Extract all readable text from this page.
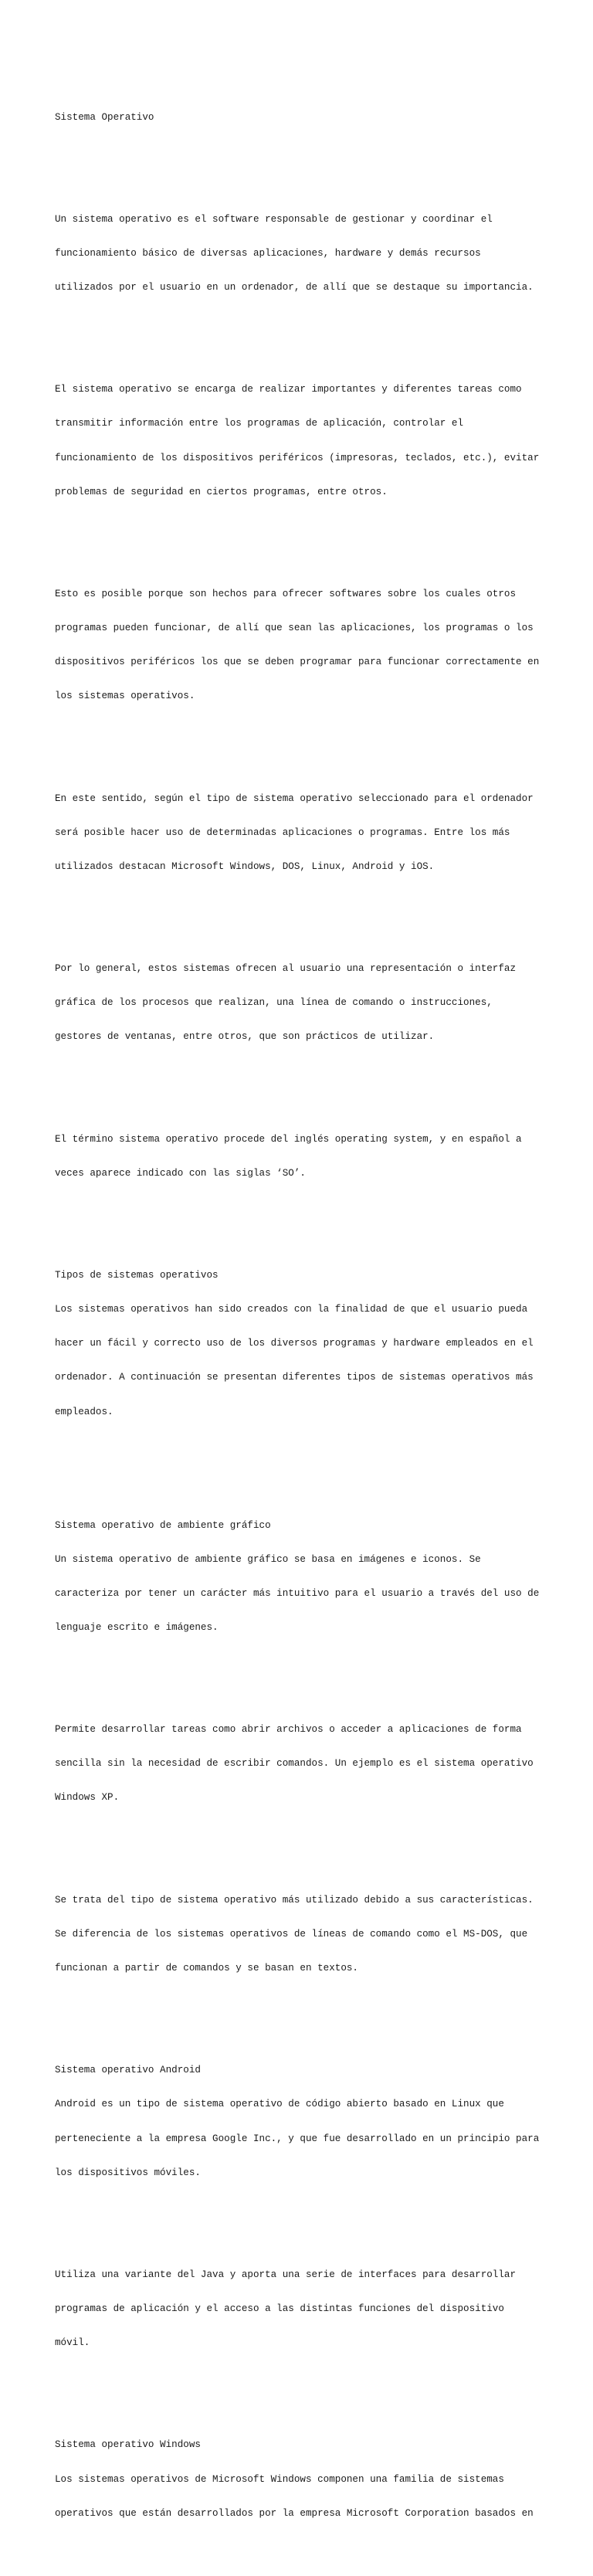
Sistema Operativo

Un sistema operativo es el software responsable de gestionar y coordinar el

funcionamiento básico de diversas aplicaciones, hardware y demás recursos

utilizados por el usuario en un ordenador, de allí que se destaque su importancia.

El sistema operativo se encarga de realizar importantes y diferentes tareas como

transmitir información entre los programas de aplicación, controlar el

funcionamiento de los dispositivos periféricos (impresoras, teclados, etc.), evitar

problemas de seguridad en ciertos programas, entre otros.

Esto es posible porque son hechos para ofrecer softwares sobre los cuales otros

programas pueden funcionar, de allí que sean las aplicaciones, los programas o los

dispositivos periféricos los que se deben programar para funcionar correctamente en

los sistemas operativos.

En este sentido, según el tipo de sistema operativo seleccionado para el ordenador

será posible hacer uso de determinadas aplicaciones o programas. Entre los más

utilizados destacan Microsoft Windows, DOS, Linux, Android y iOS.

Por lo general, estos sistemas ofrecen al usuario una representación o interfaz

gráfica de los procesos que realizan, una línea de comando o instrucciones,

gestores de ventanas, entre otros, que son prácticos de utilizar.

El término sistema operativo procede del inglés operating system, y en español a

veces aparece indicado con las siglas ‘SO’.

Tipos de sistemas operativos

Los sistemas operativos han sido creados con la finalidad de que el usuario pueda

hacer un fácil y correcto uso de los diversos programas y hardware empleados en el

ordenador. A continuación se presentan diferentes tipos de sistemas operativos más

empleados.

Sistema operativo de ambiente gráfico

Un sistema operativo de ambiente gráfico se basa en imágenes e iconos. Se

caracteriza por tener un carácter más intuitivo para el usuario a través del uso de

lenguaje escrito e imágenes.

Permite desarrollar tareas como abrir archivos o acceder a aplicaciones de forma

sencilla sin la necesidad de escribir comandos. Un ejemplo es el sistema operativo

Windows XP.

Se trata del tipo de sistema operativo más utilizado debido a sus características.

Se diferencia de los sistemas operativos de líneas de comando como el MS-DOS, que

funcionan a partir de comandos y se basan en textos.

Sistema operativo Android

Android es un tipo de sistema operativo de código abierto basado en Linux que

perteneciente a la empresa Google Inc., y que fue desarrollado en un principio para

los dispositivos móviles.

Utiliza una variante del Java y aporta una serie de interfaces para desarrollar

programas de aplicación y el acceso a las distintas funciones del dispositivo

móvil.

Sistema operativo Windows

Los sistemas operativos de Microsoft Windows componen una familia de sistemas

operativos que están desarrollados por la empresa Microsoft Corporation basados en
